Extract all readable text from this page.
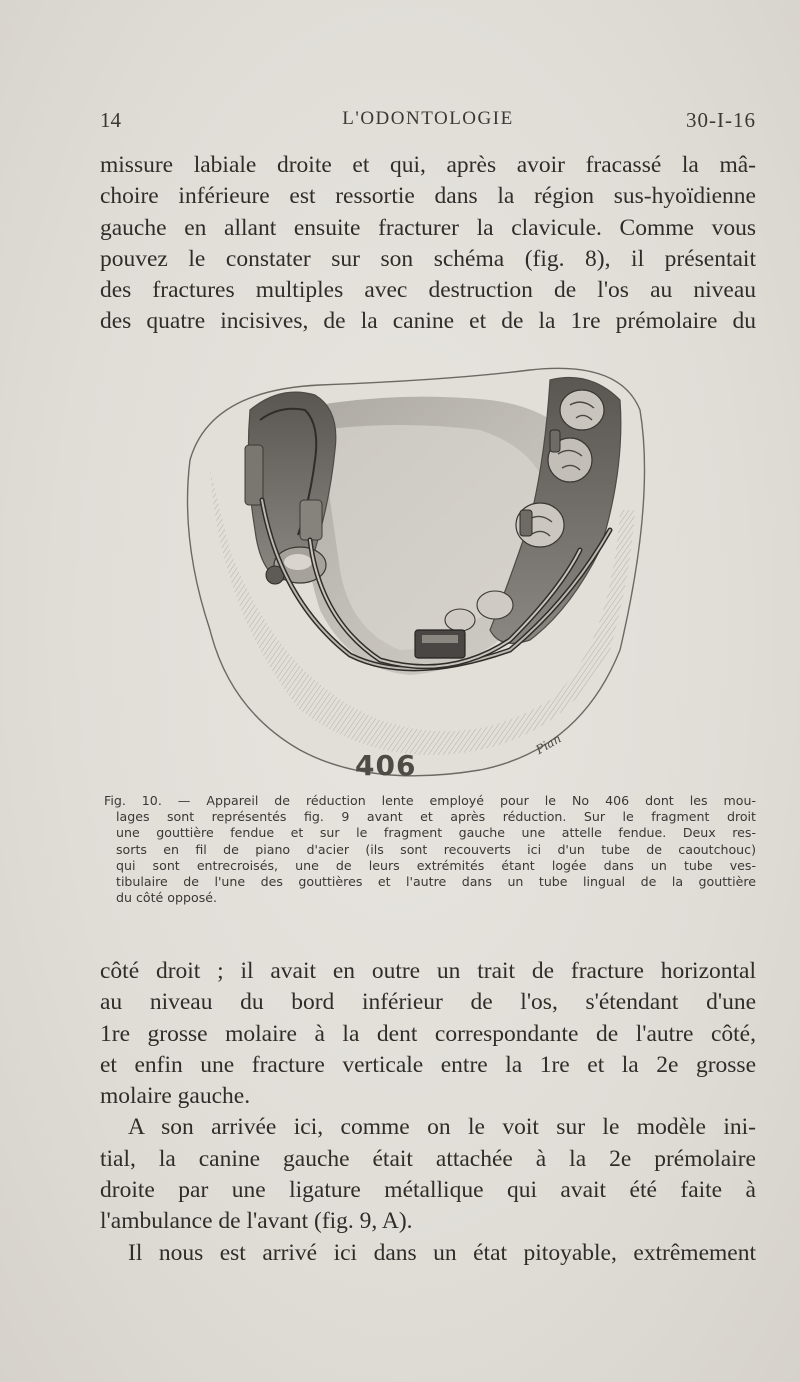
14	L'ODONTOLOGIE	30-I-16
missure labiale droite et qui, après avoir fracassé la mâ-
choire inférieure est ressortie dans la région sus-hyoïdienne
gauche en allant ensuite fracturer la clavicule. Comme vous
pouvez le constater sur son schéma (fig. 8), il présentait
des fractures multiples avec destruction de l'os au niveau
des quatre incisives, de la canine et de la 1re prémolaire du
406
Pian
Fig. 10. — Appareil de réduction lente employé pour le No 406 dont les mou-
lages sont représentés fig. 9 avant et après réduction. Sur le fragment droit
une gouttière fendue et sur le fragment gauche une attelle fendue. Deux res-
sorts en fil de piano d'acier (ils sont recouverts ici d'un tube de caoutchouc)
qui sont entrecroisés, une de leurs extrémités étant logée dans un tube ves-
tibulaire de l'une des gouttières et l'autre dans un tube lingual de la gouttière
du côté opposé.
côté droit ; il avait en outre un trait de fracture horizontal
au niveau du bord inférieur de l'os, s'étendant d'une
1re grosse molaire à la dent correspondante de l'autre côté,
et enfin une fracture verticale entre la 1re et la 2e grosse
molaire gauche.
A son arrivée ici, comme on le voit sur le modèle ini-
tial, la canine gauche était attachée à la 2e prémolaire
droite par une ligature métallique qui avait été faite à
l'ambulance de l'avant (fig. 9, A).
Il nous est arrivé ici dans un état pitoyable, extrêmement
